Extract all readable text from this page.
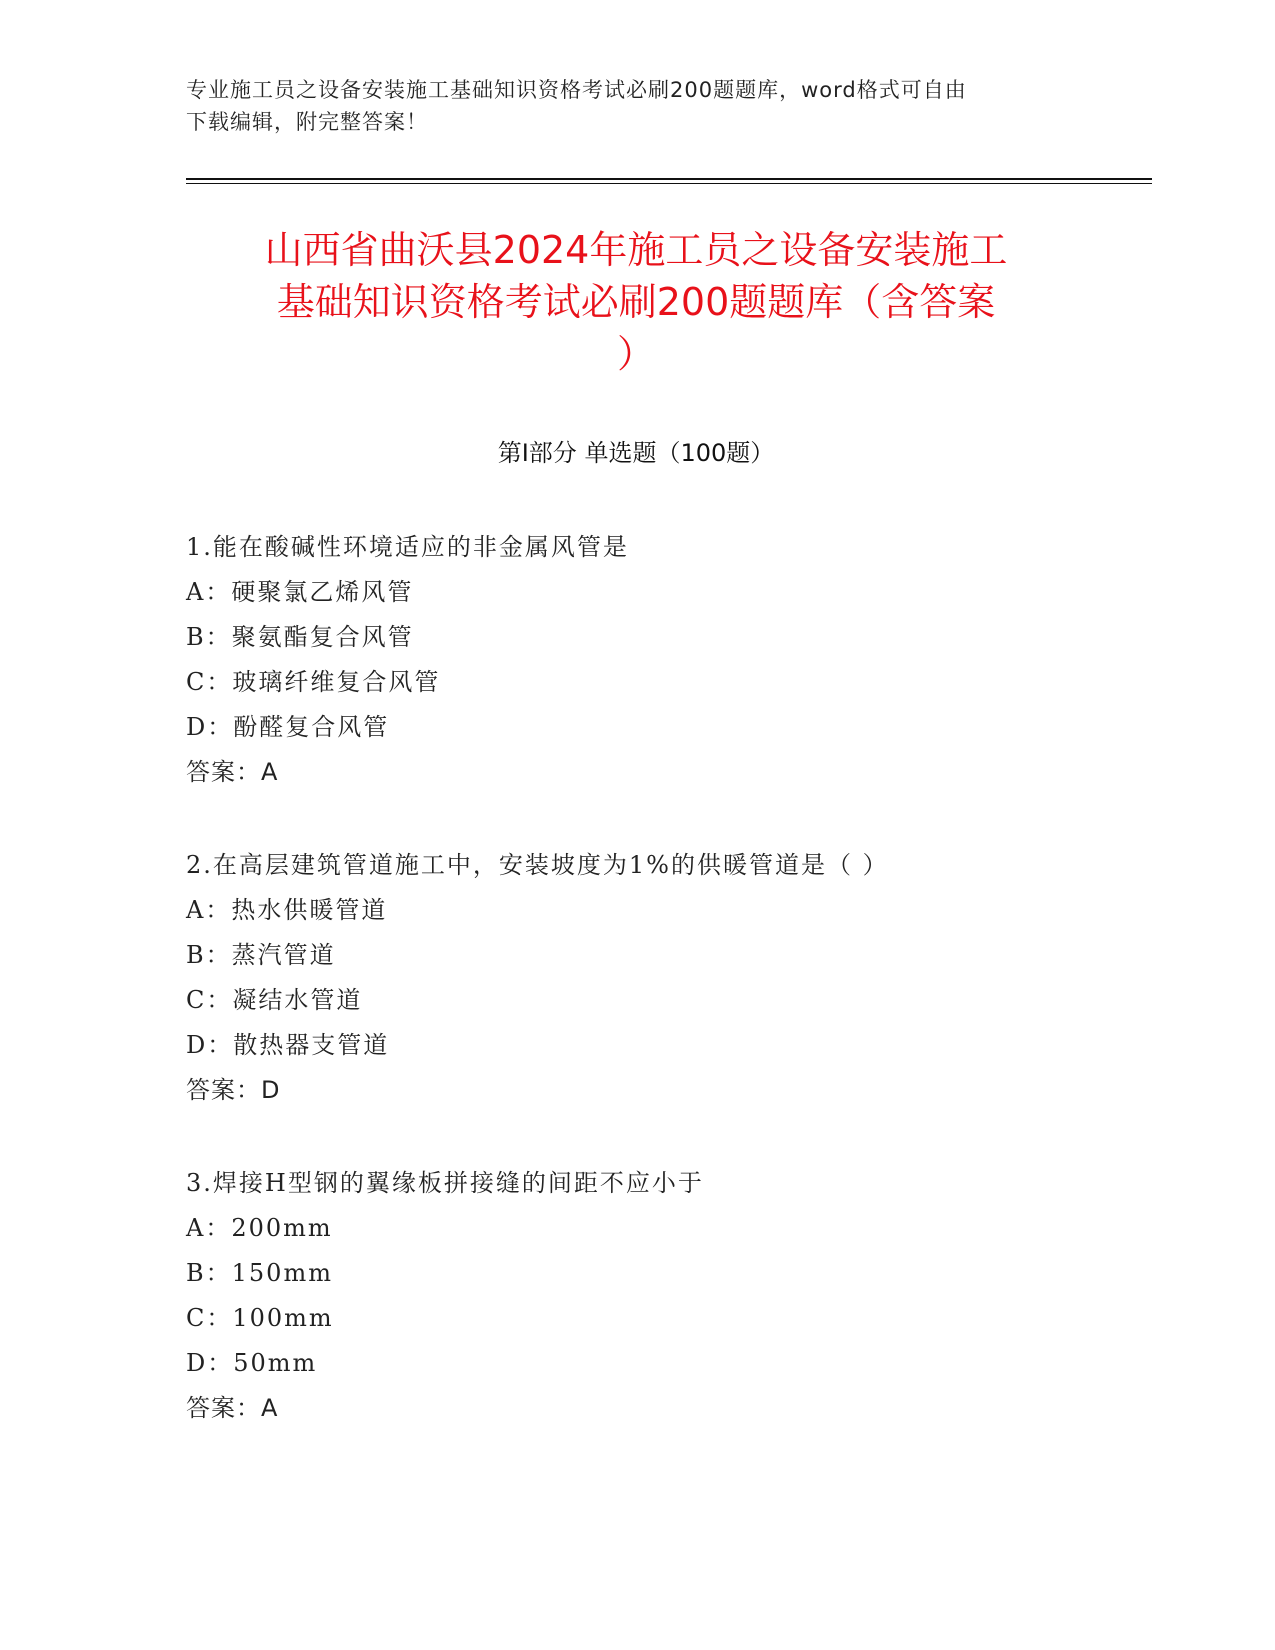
专业施工员之设备安装施工基础知识资格考试必刷200题题库，word格式可自由
下载编辑，附完整答案！
山西省曲沃县2024年施工员之设备安装施工
基础知识资格考试必刷200题题库（含答案
）
第Ⅰ部分 单选题（100题）
1.能在酸碱性环境适应的非金属风管是
A：硬聚氯乙烯风管
B：聚氨酯复合风管
C：玻璃纤维复合风管
D：酚醛复合风管
答案：A
2.在高层建筑管道施工中，安装坡度为1%的供暖管道是（ ）
A：热水供暖管道
B：蒸汽管道
C：凝结水管道
D：散热器支管道
答案：D
3.焊接H型钢的翼缘板拼接缝的间距不应小于
A：200mm
B：150mm
C：100mm
D：50mm
答案：A
